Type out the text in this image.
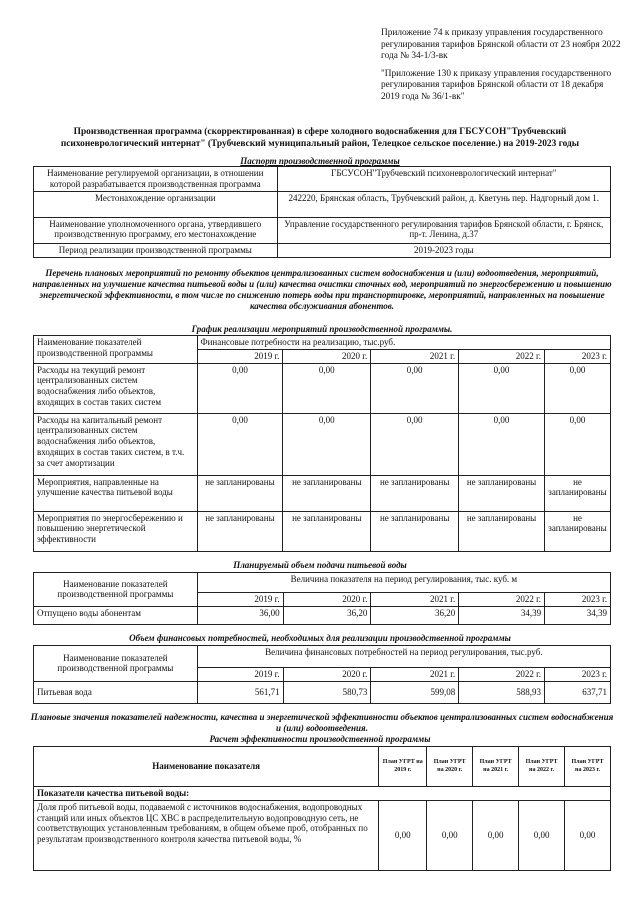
Приложение 74 к приказу управления государственного регулирования тарифов Брянской области от 23 ноября 2022 года № 34-1/3-вк

"Приложение 130 к приказу управления государственного регулирования тарифов Брянской области от 18 декабря 2019 года № 36/1-вк"

Производственная программа (скорректированная) в сфере холодного водоснабжения для ГБСУСОН"Трубчевский психоневрологический интернат" (Трубчевский муниципальный район, Телецкое сельское поселение.) на 2019-2023 годы
Паспорт производственной программы
Наименование регулируемой организации, в отношении которой разрабатывается производственная программа	ГБСУСОН"Трубчевский психоневрологический интернат"
Местонахождение организации	242220, Брянская область, Трубчевский район, д. Кветунь пер. Надгорный дом 1.
Наименование уполномоченного органа, утвердившего производственную программу, его местонахождение	Управление государственного регулирования тарифов Брянской области, г. Брянск, пр-т. Ленина, д.37
Период реализации производственной программы	2019-2023 годы
Перечень плановых мероприятий по ремонту объектов централизованных систем водоснабжения и (или) водоотведения, мероприятий, направленных на улучшение качества питьевой воды и (или) качества очистки сточных вод, мероприятий по энергосбережению и повышению энергетической эффективности, в том числе по снижению потерь воды при транспортировке, мероприятий, направленных на повышение качества обслуживания абонентов.
График реализации мероприятий производственной программы.
Наименование показателей производственной программы	Финансовые потребности на реализацию, тыс.руб.				
	2019 г.	2020 г.	2021 г.	2022 г.	2023 г.
Расходы на текущий ремонт централизованных систем водоснабжения либо объектов, входящих в состав таких систем	0,00	0,00	0,00	0,00	0,00
Расходы на капитальный ремонт централизованных систем водоснабжения либо объектов, входящих в состав таких систем, в т.ч. за счет амортизации	0,00	0,00	0,00	0,00	0,00
Мероприятия, направленные на улучшение качества питьевой воды	не запланированы	не запланированы	не запланированы	не запланированы	не запланированы
Мероприятия по энергосбережению и повышению энергетической эффективности	не запланированы	не запланированы	не запланированы	не запланированы	не запланированы
Планируемый объем подачи питьевой воды
Наименование показателей производственной программы	Величина показателя на период регулирования, тыс. куб. м				
	2019 г.	2020 г.	2021 г.	2022 г.	2023 г.
Отпущено воды абонентам	36,00	36,20	36,20	34,39	34,39
Объем финансовых потребностей, необходимых для реализации производственной программы
Наименование показателей производственной программы	Величина финансовых потребностей на период регулирования, тыс.руб.				
	2019 г.	2020 г.	2021 г.	2022 г.	2023 г.
Питьевая вода	561,71	580,73	599,08	588,93	637,71
Плановые значения показателей надежности, качества и энергетической эффективности объектов централизованных систем водоснабжения и (или) водоотведения.
Расчет эффективности производственной программы
Наименование показателя	План УГРТ на 2019 г.	План УГРТ на 2020 г.	План УГРТ на 2021 г.	План УГРТ на 2022 г.	План УГРТ на 2023 г.
Показатели качества питьевой воды:					
Доля проб питьевой воды, подаваемой с источников водоснабжения, водопроводных станций или иных объектов ЦС ХВС в распределительную водопроводную сеть, не соответствующих установленным требованиям, в общем объеме проб, отобранных по результатам производственного контроля качества питьевой воды, %	0,00	0,00	0,00	0,00	0,00
